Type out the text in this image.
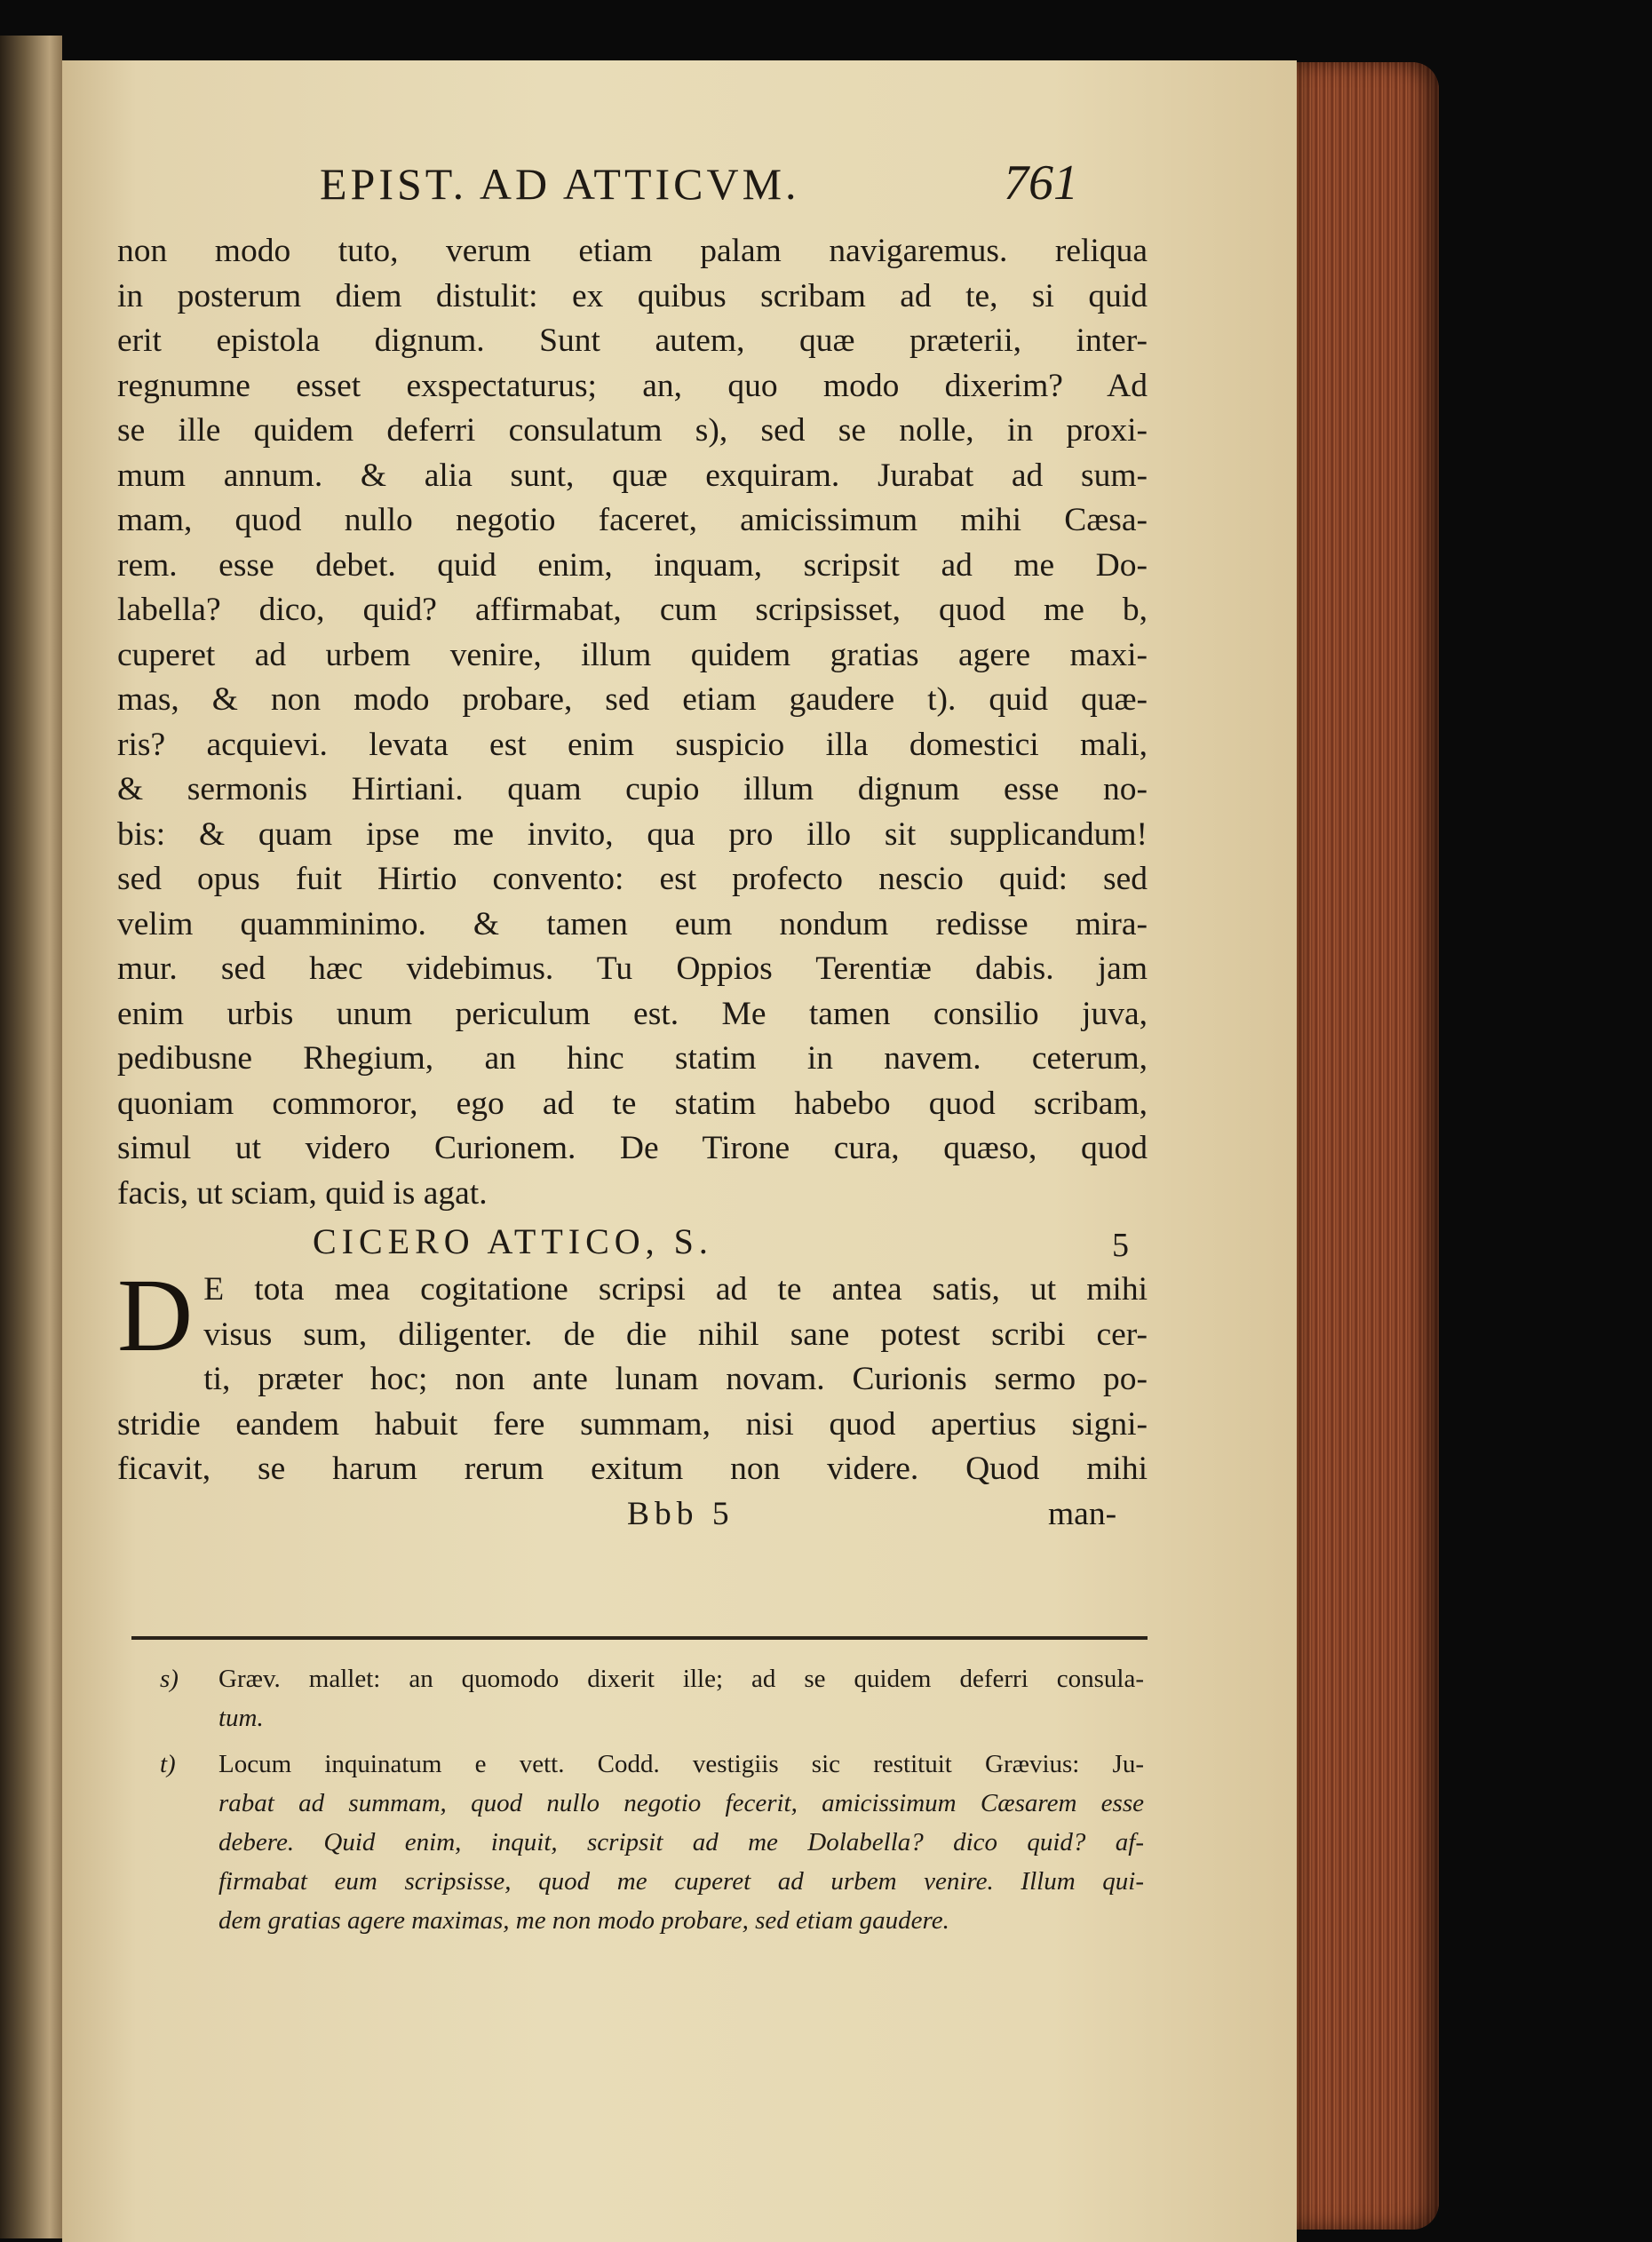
EPIST. AD ATTICVM.	761
non modo tuto, verum etiam palam navigaremus. reliqua
in posterum diem distulit: ex quibus scribam ad te, si quid
erit epistola dignum. Sunt autem, quæ præterii, inter-
regnumne esset exspectaturus; an, quo modo dixerim? Ad
se ille quidem deferri consulatum s), sed se nolle, in proxi-
mum annum. & alia sunt, quæ exquiram. Jurabat ad sum-
mam, quod nullo negotio faceret, amicissimum mihi Cæsa-
rem. esse debet. quid enim, inquam, scripsit ad me Do-
labella? dico, quid? affirmabat, cum scripsisset, quod me b,
cuperet ad urbem venire, illum quidem gratias agere maxi-
mas, & non modo probare, sed etiam gaudere t). quid quæ-
ris? acquievi. levata est enim suspicio illa domestici mali,
& sermonis Hirtiani. quam cupio illum dignum esse no-
bis: & quam ipse me invito, qua pro illo sit supplicandum!
sed opus fuit Hirtio convento: est profecto nescio quid: sed
velim quamminimo. & tamen eum nondum redisse mira-
mur. sed hæc videbimus. Tu Oppios Terentiæ dabis. jam
enim urbis unum periculum est. Me tamen consilio juva,
pedibusne Rhegium, an hinc statim in navem. ceterum,
quoniam commoror, ego ad te statim habebo quod scribam,
simul ut videro Curionem. De Tirone cura, quæso, quod
facis, ut sciam, quid is agat.
CICERO ATTICO, S.	5
D E tota mea cogitatione scripsi ad te antea satis, ut mihi
visus sum, diligenter. de die nihil sane potest scribi cer-
ti, præter hoc; non ante lunam novam. Curionis sermo po-
stridie eandem habuit fere summam, nisi quod apertius signi-
ficavit, se harum rerum exitum non videre. Quod mihi
Bbb 5	man-
s) Græv. mallet: an quomodo dixerit ille; ad se quidem deferri consula-
tum.
t) Locum inquinatum e vett. Codd. vestigiis sic restituit Grævius: Ju-
rabat ad summam, quod nullo negotio fecerit, amicissimum Cæsarem esse
debere. Quid enim, inquit, scripsit ad me Dolabella? dico quid? af-
firmabat eum scripsisse, quod me cuperet ad urbem venire. Illum qui-
dem gratias agere maximas, me non modo probare, sed etiam gaudere.
